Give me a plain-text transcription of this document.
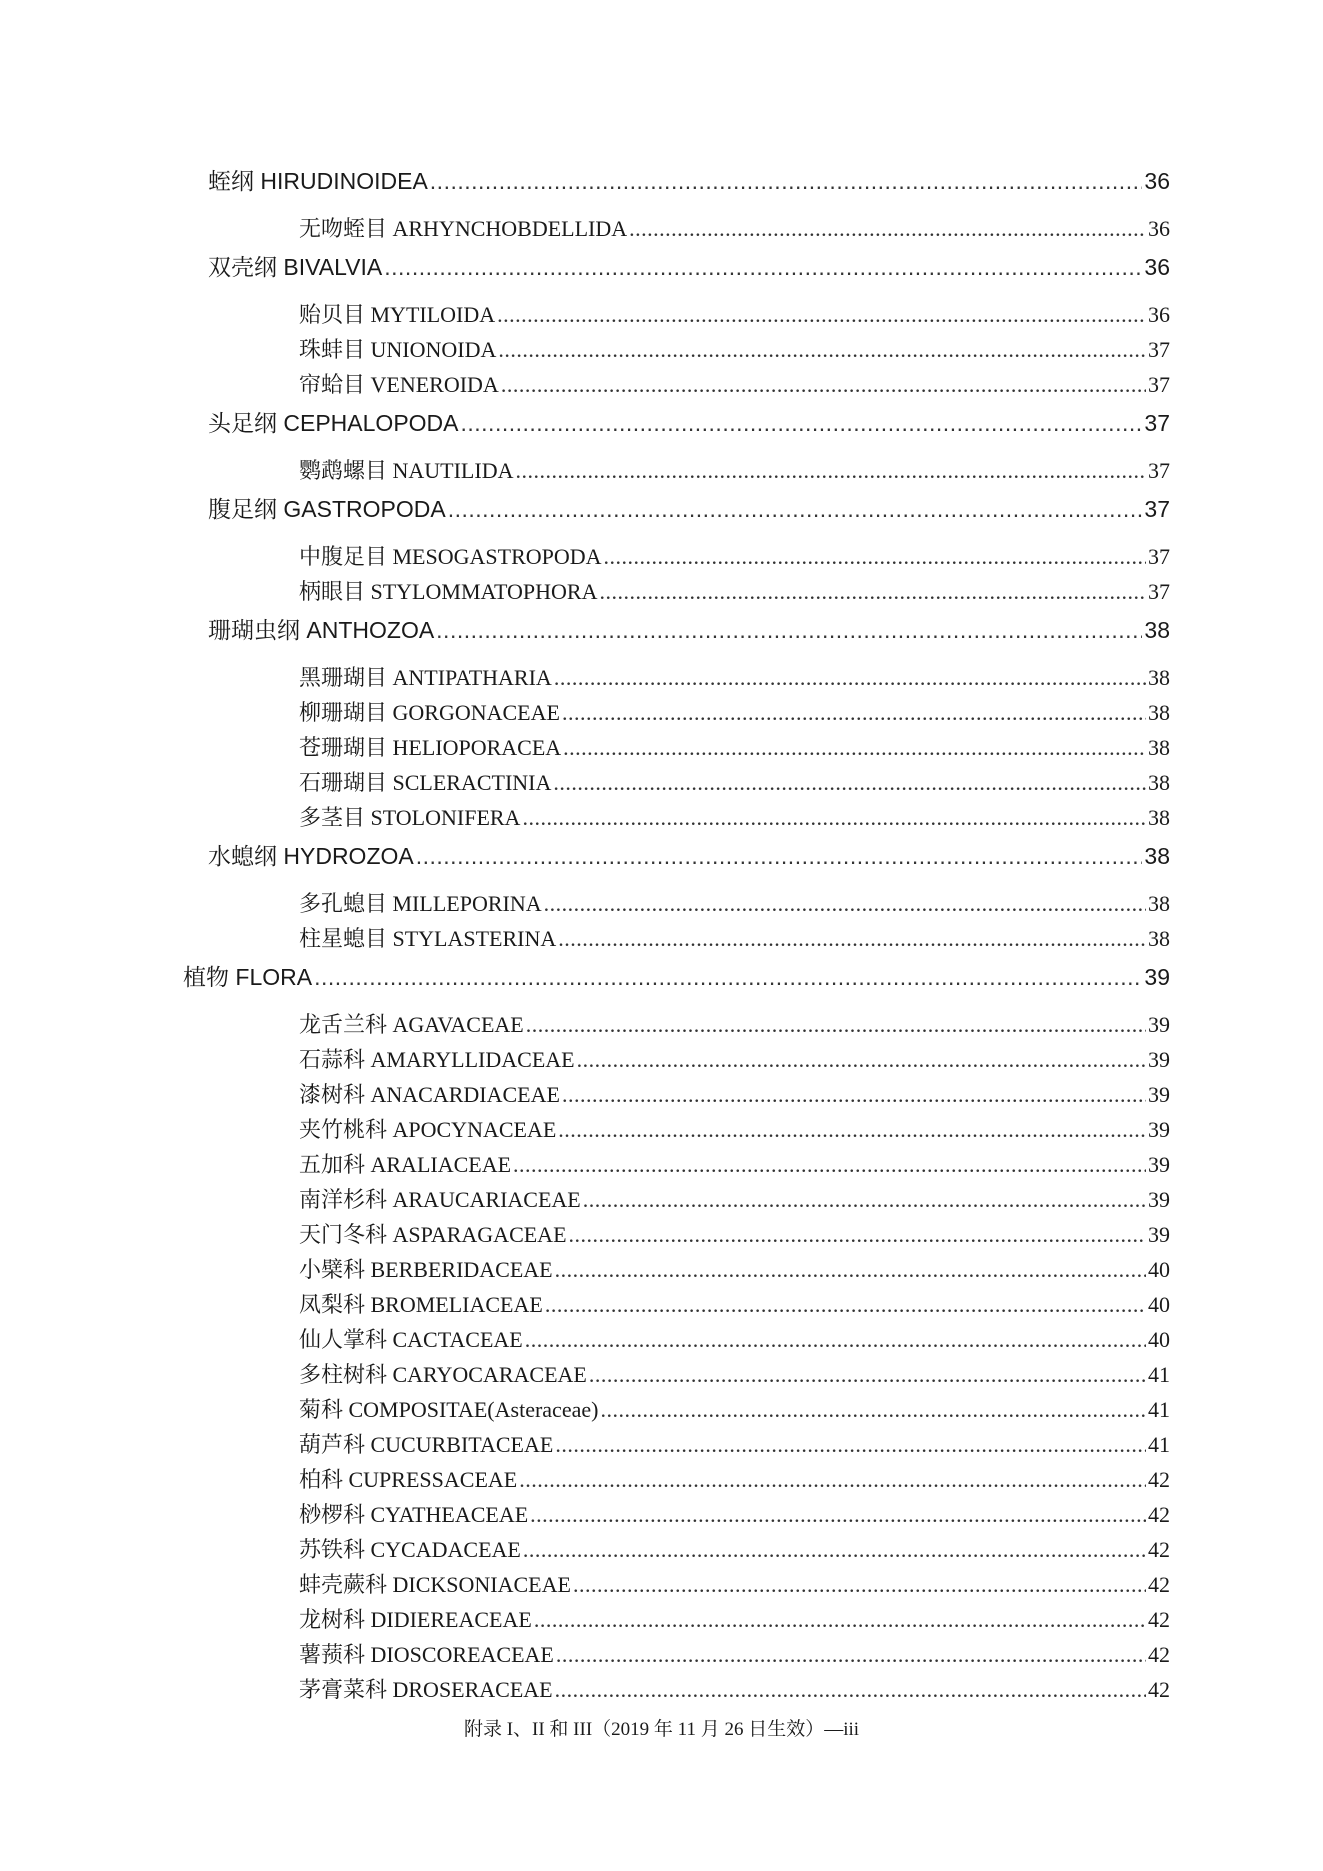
蛭纲 HIRUDINOIDEA .....	36
无吻蛭目 ARHYNCHOBDELLIDA .....	36
双壳纲 BIVALVIA .....	36
贻贝目 MYTILOIDA .....	36
珠蚌目 UNIONOIDA .....	37
帘蛤目 VENEROIDA .....	37
头足纲 CEPHALOPODA .....	37
鹦鹉螺目 NAUTILIDA .....	37
腹足纲 GASTROPODA .....	37
中腹足目 MESOGASTROPODA .....	37
柄眼目 STYLOMMATOPHORA .....	37
珊瑚虫纲 ANTHOZOA .....	38
黑珊瑚目 ANTIPATHARIA .....	38
柳珊瑚目 GORGONACEAE .....	38
苍珊瑚目 HELIOPORACEA .....	38
石珊瑚目 SCLERACTINIA .....	38
多茎目 STOLONIFERA .....	38
水螅纲 HYDROZOA .....	38
多孔螅目 MILLEPORINA .....	38
柱星螅目 STYLASTERINA .....	38
植物 FLORA .....	39
龙舌兰科 AGAVACEAE .....	39
石蒜科 AMARYLLIDACEAE .....	39
漆树科 ANACARDIACEAE .....	39
夹竹桃科 APOCYNACEAE .....	39
五加科 ARALIACEAE .....	39
南洋杉科 ARAUCARIACEAE .....	39
天门冬科 ASPARAGACEAE .....	39
小檗科 BERBERIDACEAE .....	40
凤梨科 BROMELIACEAE .....	40
仙人掌科 CACTACEAE .....	40
多柱树科 CARYOCARACEAE .....	41
菊科 COMPOSITAE(Asteraceae) .....	41
葫芦科 CUCURBITACEAE .....	41
柏科 CUPRESSACEAE .....	42
桫椤科 CYATHEACEAE .....	42
苏铁科 CYCADACEAE .....	42
蚌壳蕨科 DICKSONIACEAE .....	42
龙树科 DIDIEREACEAE .....	42
薯蓣科 DIOSCOREACEAE .....	42
茅膏菜科 DROSERACEAE .....	42
附录 I、II 和 III（2019 年 11 月 26 日生效）—iii
